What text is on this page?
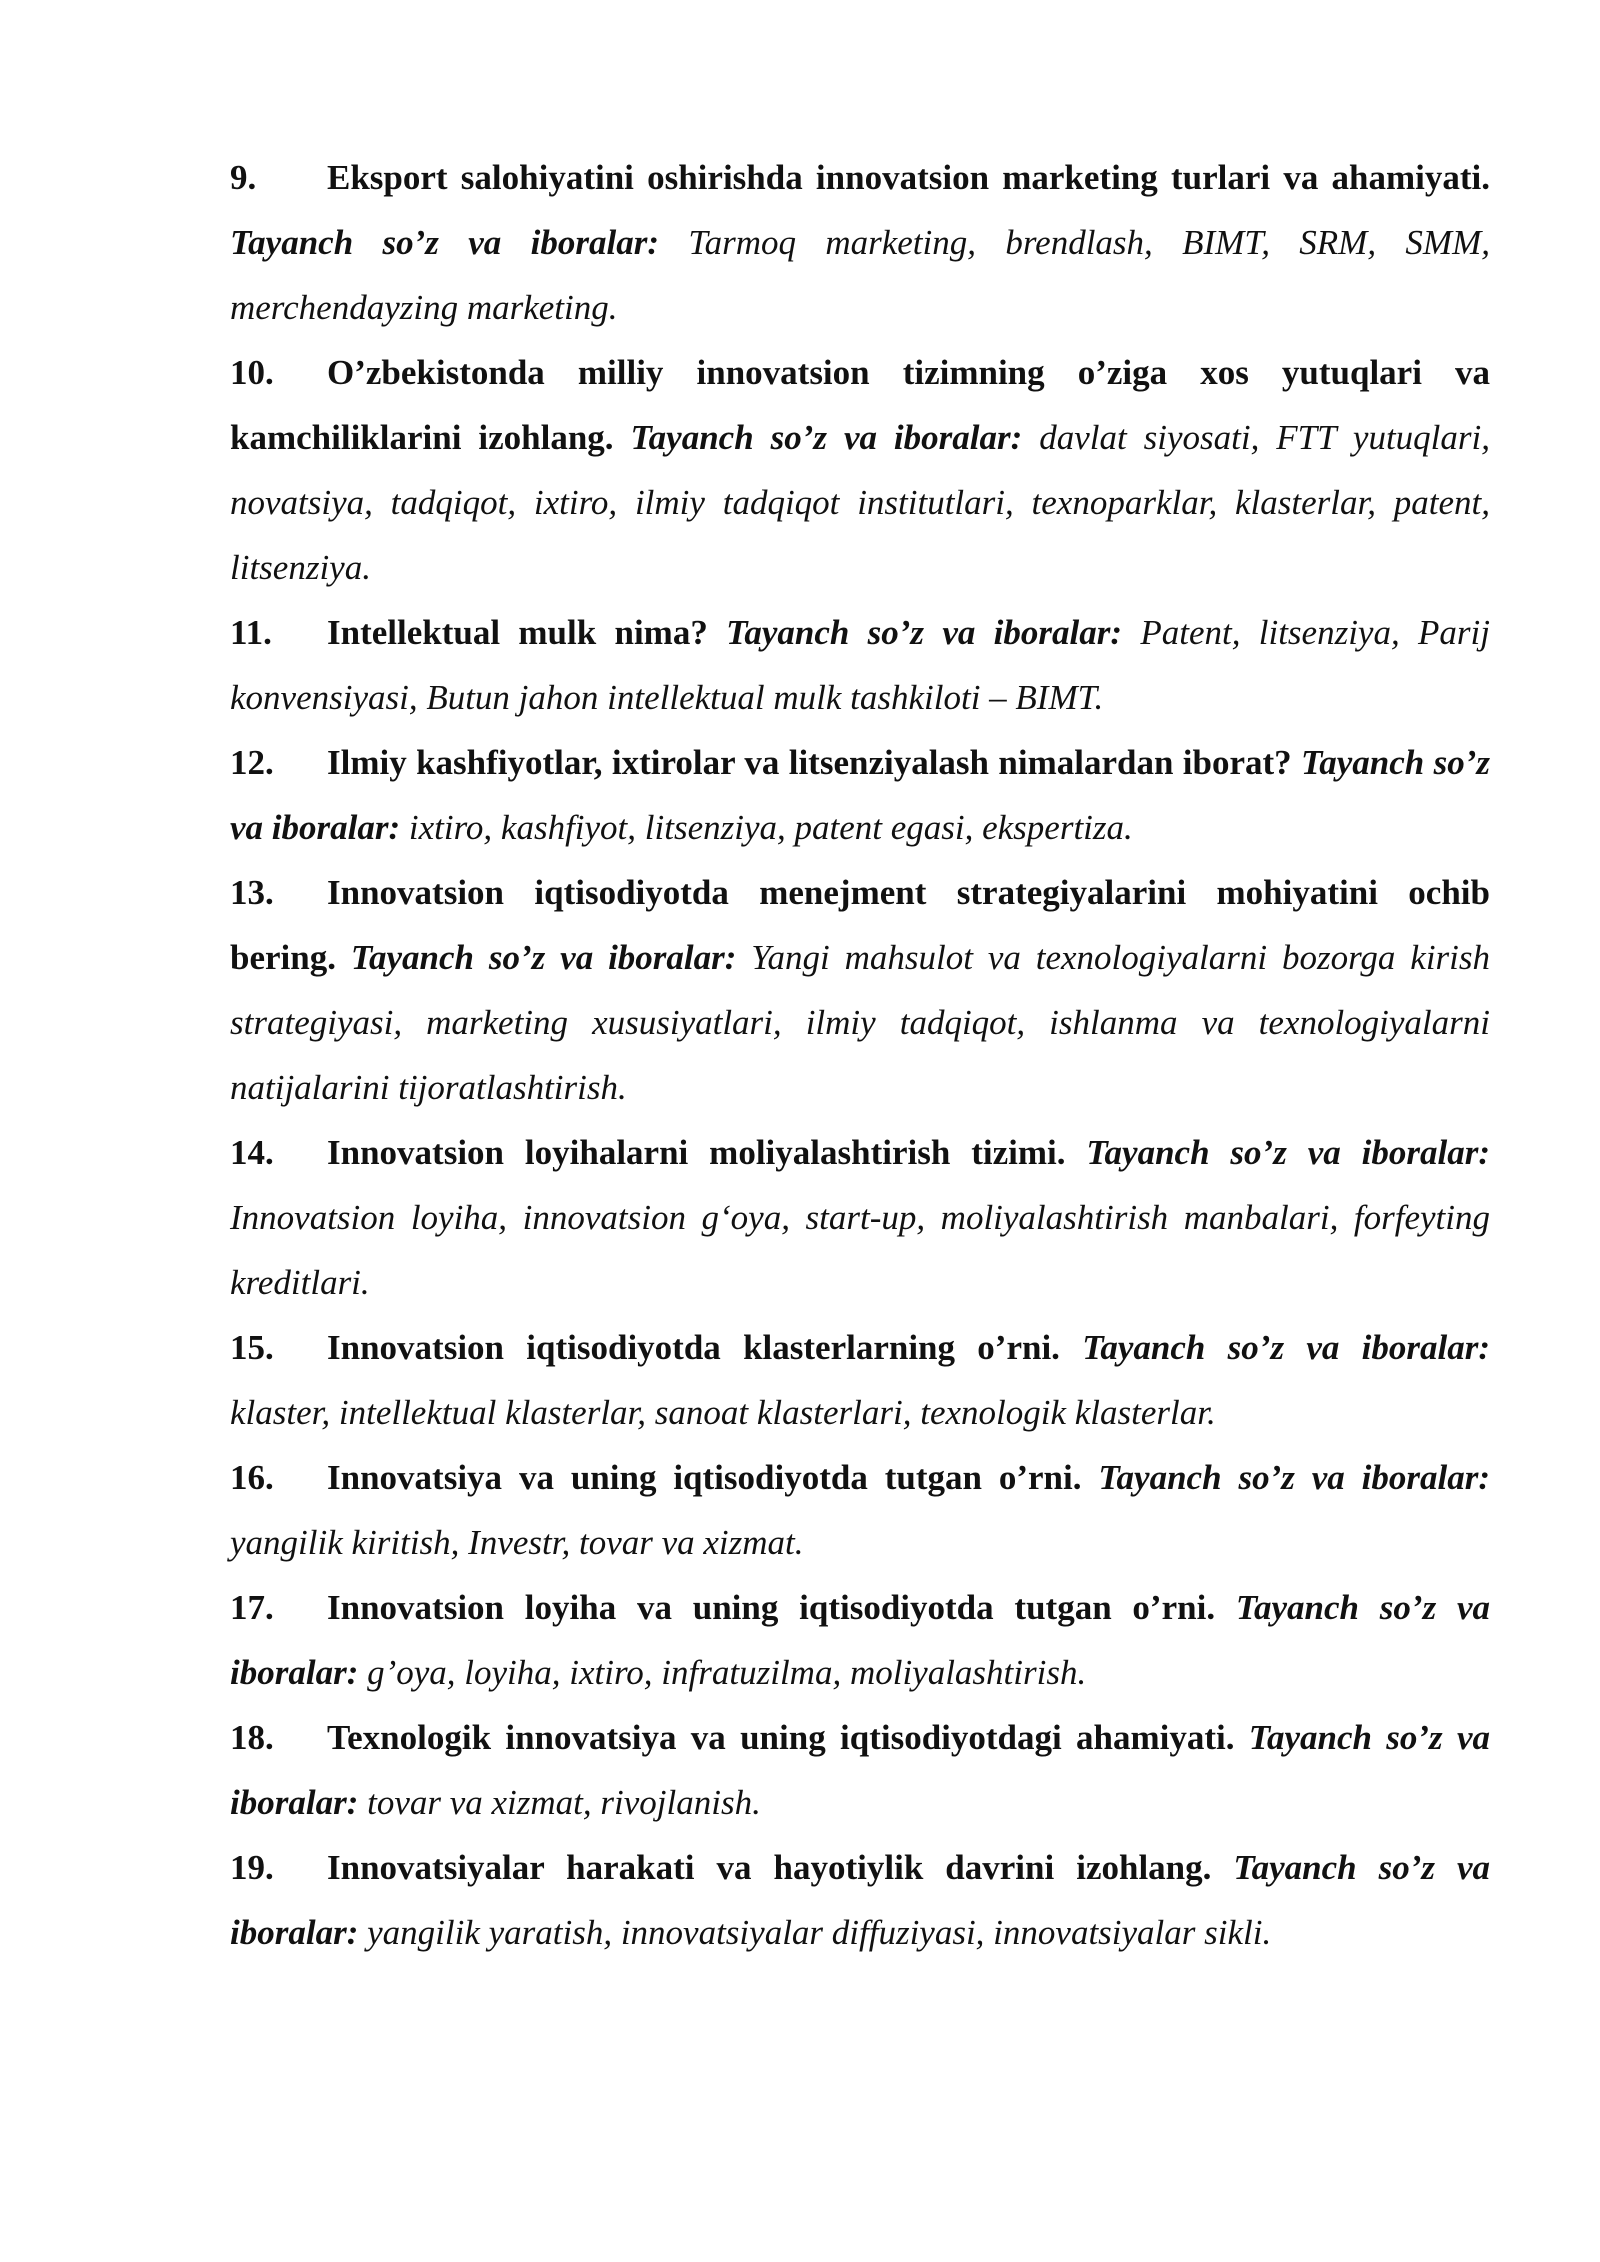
9. Eksport salohiyatini oshirishda innovatsion marketing turlari va ahamiyati. Tayanch so’z va iboralar: Tarmoq marketing, brendlash, BIMT, SRM, SMM, merchendayzing marketing.

10. O’zbekistonda milliy innovatsion tizimning o’ziga xos yutuqlari va kamchiliklarini izohlang. Tayanch so’z va iboralar: davlat siyosati, FTT yutuqlari, novatsiya, tadqiqot, ixtiro, ilmiy tadqiqot institutlari, texnoparklar, klasterlar, patent, litsenziya.

11. Intellektual mulk nima? Tayanch so’z va iboralar: Patent, litsenziya, Parij konvensiyasi, Butun jahon intellektual mulk tashkiloti – BIMT.

12. Ilmiy kashfiyotlar, ixtirolar va litsenziyalash nimalardan iborat? Tayanch so’z va iboralar: ixtiro, kashfiyot, litsenziya, patent egasi, ekspertiza.

13. Innovatsion iqtisodiyotda menejment strategiyalarini mohiyatini ochib bering. Tayanch so’z va iboralar: Yangi mahsulot va texnologiyalarni bozorga kirish strategiyasi, marketing xususiyatlari, ilmiy tadqiqot, ishlanma va texnologiyalarni natijalarini tijoratlashtirish.

14. Innovatsion loyihalarni moliyalashtirish tizimi. Tayanch so’z va iboralar: Innovatsion loyiha, innovatsion g‘oya, start-up, moliyalashtirish manbalari, forfeyting kreditlari.

15. Innovatsion iqtisodiyotda klasterlarning o’rni. Tayanch so’z va iboralar: klaster, intellektual klasterlar, sanoat klasterlari, texnologik klasterlar.

16. Innovatsiya va uning iqtisodiyotda tutgan o’rni. Tayanch so’z va iboralar: yangilik kiritish, Investr, tovar va xizmat.

17. Innovatsion loyiha va uning iqtisodiyotda tutgan o’rni. Tayanch so’z va iboralar: g’oya, loyiha, ixtiro, infratuzilma, moliyalashtirish.

18. Texnologik innovatsiya va uning iqtisodiyotdagi ahamiyati. Tayanch so’z va iboralar: tovar va xizmat, rivojlanish.

19. Innovatsiyalar harakati va hayotiylik davrini izohlang. Tayanch so’z va iboralar: yangilik yaratish, innovatsiyalar diffuziyasi, innovatsiyalar sikli.
